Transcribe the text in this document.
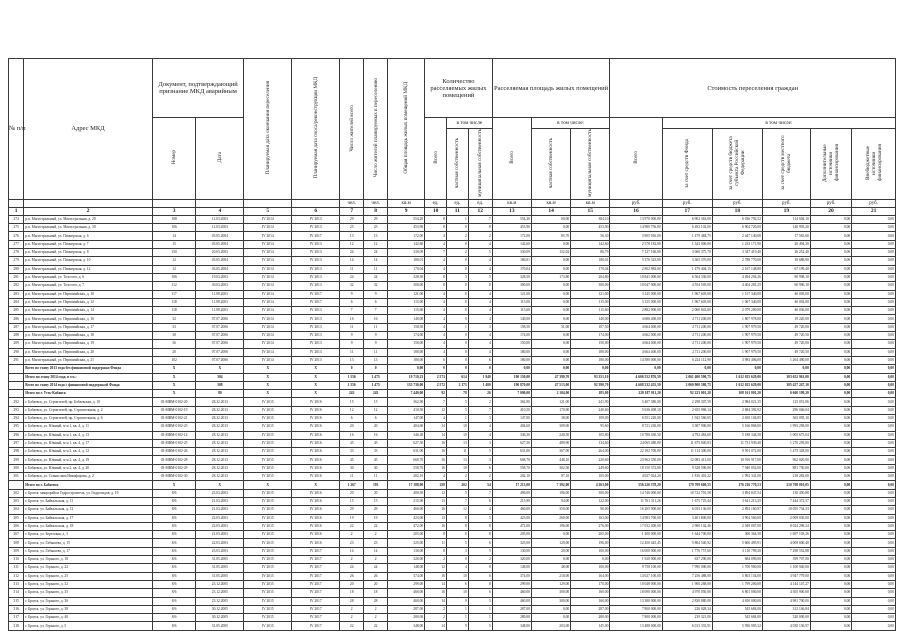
№ п/п	Адрес МКД	Документ, подтверждающий признание МКД аварийным		Планируемая дата окончания переселения	Планируемая дата сноса/реконструкции МКД	Число жителей всего	Число жителей планируемых к переселению	Общая площадь жилых помещений МКД	Количество расселяемых жилых помещений			Расселяемая площадь жилых помещений			Стоимость переселения граждан					
		Номер	Дата						Всего	в том числе		Всего	в том числе:		Всего	в том числе:				
										частная собственность	муниципальная собственность		частная собственность	муниципальная собственность		за счет средств Фонда	за счет средств бюджета субъекта Российской Федерации	за счет средств местного бюджета	Дополнительные источники финансирования	Внебюджетные источники финансирования
						чел.	чел.	кв.м	ед.	ед.	ед.	кв.м	кв.м	кв.м	руб.	руб.	руб.	руб.	руб.	руб.
1	2	3	4	5	6	7	8	9	10	11	12	13	14	15	16	17	18	19	20	21
274	р.п. Магистральный, ул. Магистральная, д. 20	108	11.03.2003	IV 2014	IV 2013	29	29	554,20	8	1	7	554,20	60,00	384,10	13 970 000,00	6 902 363,00	6 036 792,52	114 604,10	0,00	0,00
275	р.п. Магистральный, ул. Магистральная, д. 30	106	11.03.2003	IV 2014	IV 2013	25	25	453,90	8	0	8	453,90	0,00	453,90	14 980 756,00	6 492 102,00	6 902 720,00	140 993,20	0,00	0,00
276	р.п. Магистральный, ул. Пионерская, д. 6	14	03.05.2004	IV 2014	IV 2017	13	13	172,00	4	2	2	172,00	85,70	56,30	3 905 916,00	1 479 484,75	2 447 140,08	17 565,60	0,00	0,00
277	р.п. Магистральный, ул. Пионерская, д. 7	15	03.05.2004	IV 2014	IV 2013	12	12	142,60	4	0	4	142,60	0,00	142,60	2 578 182,00	1 343 000,00	1 233 171,90	20 494,30	0,00	0,00
278	р.п. Магистральный, ул. Пионерская, д. 8	150	20.03.2003	IV 2014	IV 2013	24	24	330,09	7	2	5	330,09	152,02	86,79	7 127 160,00	3 060 375,70	3 347 419,40	26 252,40	0,00	0,00
279	р.п. Магистральный, ул. Пионерская, д. 10	12	03.05.2004	IV 2014	IV 2013	14	14	180,01	4	0	4	180,01	0,00	180,01	5 376 325,00	3 365 370,00	2 788 770,00	18 688,90	0,00	0,00
280	р.п. Магистральный, ул. Пионерская, д. 12	12	03.05.2004	IV 2014	IV 2013	11	11	170,04	4	0	4	170,04	0,00	170,04	2 802 983,00	1 479 404,15	2 167 148,80	67 199,40	0,00	0,00
281	р.п. Магистральный, ул. Толстого, д. 6	106	19.03.2003	IV 2014	IV 2013	24	24	328,50	8	3	5	328,50	173,80	204,80	10 841 000,00	6 564 330,00	4 494 294,26	80 998,10	0,00	0,00
282	р.п. Магистральный, ул. Толстого, д. 7	112	30.03.2003	IV 2014	IV 2013	32	32	300,00	8	0	8	300,00	0,00	300,00	10 047 000,00	4 554 505,00	4 404 281,25	60 996,10	0,00	0,00
283	р.п. Магистральный, ул. Первомайская, д. 10	117	11.08.2003	IV 2014	IV 2017	9	9	121,00	4	0	4	121,00	0,00	121,00	3 145 000,00	1 967 605,00	1 157 340,00	40 005,00	0,00	0,00
284	р.п. Магистральный, ул. Первомайская, д. 12	118	11.08.2003	IV 2014	IV 2017	6	6	115,00	4	0	4	115,00	0,00	115,00	3 155 000,00	1 967 605,00	1 067 340,00	40 002,00	0,00	0,00
285	р.п. Магистральный, ул. Первомайская, д. 14	118	11.08.2003	IV 2014	IV 2013	7	7	115,60	4	0	4	115,60	0,00	115,60	2 882 000,00	2 060 843,00	2 079 200,00	40 036,00	0,00	0,00
286	р.п. Магистральный, ул. Первомайская, д. 16	32	07.07.2006	IV 2014	IV 2013	16	16	140,00	4	0	4	140,00	0,00	140,00	4 686 400,00	2 711 200,00	1 807 978,00	19 220,00	0,00	0,00
287	р.п. Магистральный, ул. Первомайская, д. 17	33	07.07.2006	IV 2014	IV 2013	11	11	158,50	4	1	3	158,50	51,00	107,50	4 664 400,00	2 711 200,00	1 907 979,50	49 720,00	0,00	0,00
288	р.п. Магистральный, ул. Первомайская, д. 18	38	07.07.2006	IV 2014	IV 2013	9	9	174,00	4	0	4	174,00	0,00	174,00	4 662 000,00	2 711 200,00	1 907 979,50	49 720,50	0,00	0,00
289	р.п. Магистральный, ул. Первомайская, д. 19	36	07.07.2006	IV 2014	IV 2013	9	9	150,00	4	0	4	150,00	0,00	150,00	4 664 400,00	2 711 200,00	1 907 979,50	49 720,00	0,00	0,00
290	р.п. Магистральный, ул. Первомайская, д. 20	20	07.07.2006	IV 2014	IV 2013	11	11	180,00	4	0	4	180,00	0,00	180,00	4 664 400,00	2 711 200,00	1 907 979,50	49 720,50	0,00	0,00
291	р.п. Магистральный, ул. Первомайская, д. 21	102	07.07.2006	IV 2014	IV 2013	13	13	180,00	6	0	6	180,00	0,00	180,00	14 580 000,00	6 224 112,90	3 983 406,00	1 264 490,00	0,00	0,00
	Всего по этапу 2013 года без финансовой поддержки Фонда	Х	Х	Х	Х	0	0	0,00	0	0	0	0,00	0,00	0,00	0,00	0,00	0,00	0,00	0,00	0,00
	Итого по этапу 2014 года, в т.ч.:	Х	304	Х	Х	1 556	1 475	19 710,23	2 573	614	1 940	190 150,00	47 390,70	93 351,10	4 606 552 876,59	2 061 400 590,75	1 612 025 629,00	303 652 961,00	0,00	0,00
	Всего по этапу 2014 года с финансовой поддержкой Фонда	Х	308	Х	Х	1 556	1 475	135 730,00	2 572	2 173	1 400	190 870,00	47 513,00	92 390,70	4 608 232 455,50	2 060 900 580,75	1 612 025 629,00	305 457 247,10	0,00	0,00
	Итого по г. Усть-Кабанск	Х	80	Х	Х	243	243	7 440,00	92	78	26	7 000,00	2 104,00	185,00	228 187 011,20	92 223 001,20	108 161 001,20	6 660 199,20	0,00	0,00
292	г. Бабаевск, ул. Строителей, пр. Бабаевская, д. 10	03-МВМ-0102-20	28.12.2013	IV 2015	IV 2016	15	15	362,90	7	5	2	362,90	121,00	241,90	5 407 380,00	2 298 307,59	2 984 021,35	125 051,06	0,00	0,00
293	г. Бабаевск, ул. Строителей, пр. Строительная, д. 2	03-МВМ-0102-19	28.12.2013	IV 2015	IV 2016	12	12	410,50	12	5	7	410,50	170,90	240,60	5 636 408,10	2 655 968,14	2 684 392,92	296 046,04	0,00	0,00
294	г. Бабаевск, ул. Строителей, пр. Строительная, д. 6	03-МВМ-0102-21	28.12.2013	IV 2015	IV 2016	6	6	147,00	4	1	3	147,00	38,00	109,00	6 551 220,00	1 943 560,05	2 650 104,85	363 095,10	0,00	0,00
295	г. Бабаевск, ул. Южный, м-н 1, кв. 4, д. 11	03-МВМ-0102-23	28.12.2013	IV 2015	IV 2016	20	20	404,60	14	10	4	404,60	309,00	95,60	8 721 230,00	3 387 900,00	5 166 868,00	1 993 258,00	0,00	0,00
296	г. Бабаевск, ул. Южный, м-н 1, кв. 4, д. 13	03-МВМ-0102-14	28.12.2013	IV 2015	IV 2016	16	16	346,30	14	10	4	346,30	240,50	105,80	10 780 430,50	4 792 463,60	5 188 344,58	1 005 675,04	0,00	0,00
297	г. Бабаевск, ул. Южный, м-н 1, кв. 4, д. 17	03-МВМ-0102-25	28.12.2013	IV 2015	IV 2016	45	45	627,50	16	13	3	627,50	489,90	134,60	24 065 480,00	11 675 040,83	11 731 939,40	1 270 259,00	0,00	0,00
298	г. Бабаевск, ул. Южный, м-н 2, кв. 4, д. 12	03-МВМ-0102-26	28.12.2013	IV 2015	IV 2016	33	33	631,00	16	11	5	631,00	367,00	264,00	22 182 700,00	11 114 300,00	9 591 072,00	1 475 328,00	0,00	0,00
299	г. Бабаевск, ул. Южный, м-н 2, кв. 4, д. 19	03-МВМ-0102-28	28.12.2013	IV 2015	IV 2016	45	45	668,70	16	13	3	668,70	448,10	220,60	23 962 350,00	12 083 413,00	10 916 917,00	962 020,00	0,00	0,00
300	г. Бабаевск, ул. Южный, м-н 2, кв. 4, д. 20	03-МВМ-0102-29	28.12.2013	IV 2015	IV 2016	30	30	558,70	16	10	6	558,70	302,50	249,60	18 150 372,00	9 328 590,00	7 940 052,00	881 730,00	0,00	0,00
301	г. Бабаевск, ул. Станислава Никифорова, д. 2	03-МВМ-0102-30	28.12.2013	IV 2015	IV 2016	11	11	202,10	4	2	2	202,10	97,10	105,00	4 027 024,20	1 816 401,22	1 992 341,00	218 282,00	0,00	0,00
	Итого по г. Бабаевск	Х	Х	Х	Х	1 267	193	17 188,00	258	202	54	17 213,00	7 392,00	4 263,00	556 226 378,20	179 709 600,55	176 216 770,53	210 708 010,05	0,00	0,00
302	г. Братск, микрорайон Гидростроитель, ул. Гидрогидов, д. 19	8/6	23.03.2003	IV 2015	IV 2016	20	20	400,50	12	5	7	496,00	196,00	300,00	14 746 000,00	10 722 701,58	3 894 847,54	130 450,88	0,00	0,00
303	г. Братск, ул. Байкальская, д. 11	8/6	21.03.2003	IV 2015	IV 2016	15	15	215,90	13	7	6	215,90	94,00	122,00	11 761 311,26	1 675 725,44	3 641 213,25	7 444 372,57	0,00	0,00
304	г. Братск, ул. Байкальская, д. 12	8/6	21.03.2003	IV 2015	IV 2016	29	29	460,00	16	12	4	460,00	350,00	90,00	16 205 900,00	6 033 136,00	2 892 160,97	10 055 734,33	0,00	0,00
305	г. Братск, ул. Байкальская, д. 17	8/6	22.03.2003	IV 2015	IV 2016	19	19	423,00	13	8	5	423,00	260,00	163,00	14 983 700,00	3 401 800,00	3 902 560,00	2 009 030,00	0,00	0,00
306	г. Братск, ул. Байкальская, д. 18	8/6	22.03.2003	IV 2015	IV 2016	22	22	472,00	16	8	8	472,00	196,00	276,00	17 032 400,00	2 960 102,46	2 049 007,00	8 024 298,24	0,00	0,00
307	г. Братск, ул. Березовая, д. 3	8/6	21.03.2003	IV 2015	IV 2016	2	2	205,00	8	0	8	205,00	0,00	205,00	1 200 000,00	1 644 700,00	300 364,50	1 697 103,26	0,00	0,00
308	г. Братск, ул. Габышева, д. 15	8/6	22.03.2003	IV 2015	IV 2016	23	23	325,00	11	5	6	325,00	129,00	196,00	12 450 445,45	5 864 540,92	5 606 495,91	4 009 600,40	0,00	0,00
309	г. Братск, ул. Габышева, д. 17	8/6	23.03.2003	IV 2015	IV 2017	14	14	130,00	8	3	5	130,00	20,00	100,00	16 000 000,00	1 776 757,60	3 110 799,20	7 298 552,88	0,00	0,00
310	г. Братск, ул. Горького, д. 18	8/6	31.05.2005	IV 2015	IV 2017	2	2	320,00	2	0	2	320,00	0,00	0,00	1 920 000,00	637 290,00	684 090,00	399 707,00	0,00	0,00
311	г. Братск, ул. Горького, д. 22	8/6	31.05.2005	IV 2015	IV 2017	24	24	148,00	12	4	8	148,00	48,00	100,00	9 750 100,00	7 990 000,00	1 700 900,00	1 100 940,00	0,00	0,00
312	г. Братск, ул. Горького, д. 25	8/6	31.05.2005	IV 2015	IV 2017	26	26	374,00	16	10	6	374,00	210,00	164,00	14 027 100,00	7 256 488,00	5 803 154,00	3 947 779,00	0,00	0,00
313	г. Братск, ул. Горького, д. 32	8/6	23.12.2005	IV 2015	IV 2017	20	20	299,00	14	6	8	299,00	129,00	170,00	10 048 000,00	1 900 268,00	1 799 200,00	4 144 147,27	0,00	0,00
314	г. Братск, ул. Горького, д. 35	8/6	23.12.2005	IV 2015	IV 2017	18	18	460,00	16	10	6	460,00	300,00	160,00	18 090 000,00	4 970 050,00	6 801 000,00	4 305 900,00	0,00	0,00
315	г. Братск, ул. Горького, д. 36	8/6	23.12.2005	IV 2015	IV 2017	28	28	460,00	14	9	5	460,00	300,00	160,00	13 380 000,00	2 830 880,00	4 650 000,00	4 981 700,00	0,00	0,00
316	г. Братск, ул. Горького, д. 38	8/6	30.12.2005	IV 2015	IV 2017	2	2	287,00	2	1	1	287,00	0,00	287,00	7 800 000,00	226 028,34	545 684,00	312 146,84	0,00	0,00
317	г. Братск, ул. Горького, д. 40	8/6	30.12.2005	IV 2015	IV 2017	2	2	280,00	2	1	1	280,00	0,00	280,00	7 800 000,00	239 321,00	545 684,00	320 000,00	0,00	0,00
318	г. Братск, ул. Горького, д. 5	8/6	31.05.2005	IV 2015	IV 2017	22	22	348,00	14	9	5	348,00	203,00	145,00	13 488 600,00	6 013 333,91	5 956 905,32	4 030 136,97	0,00	0,00
